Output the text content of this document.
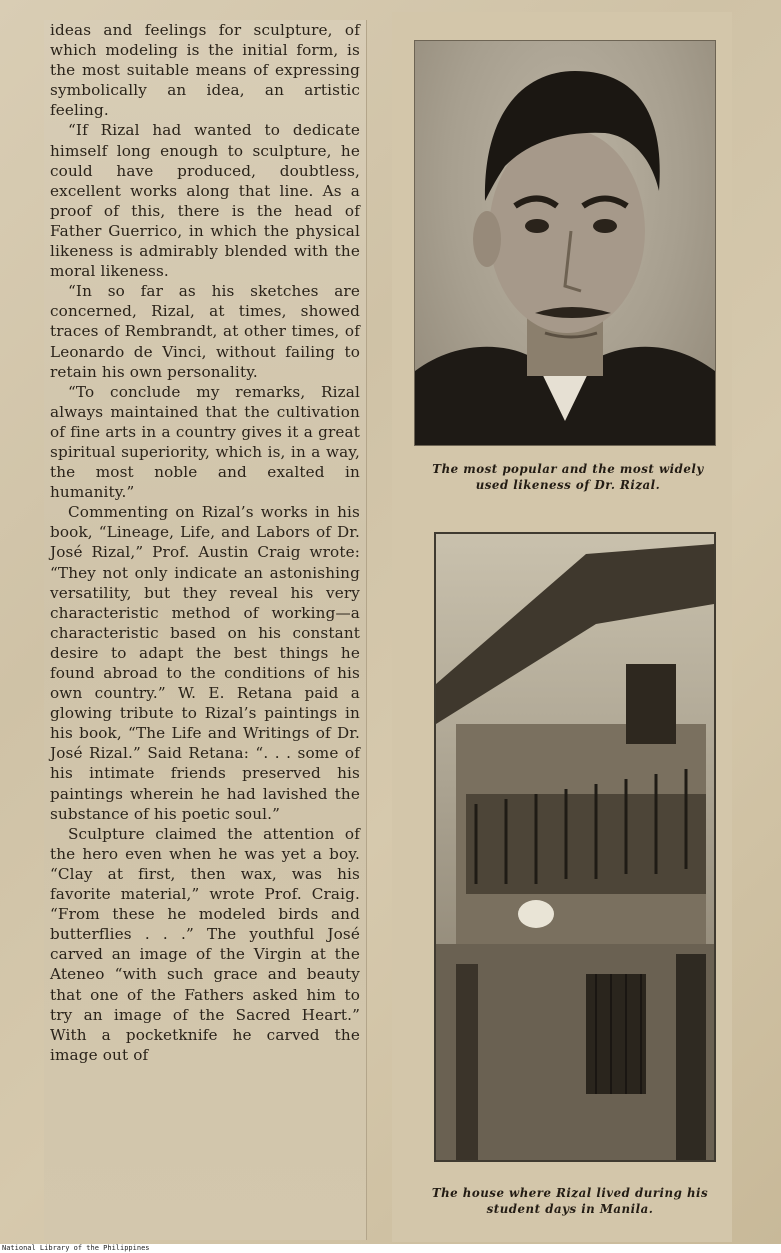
ideas and feelings for sculpture, of which modeling is the initial form, is the most suitable means of expressing symbolically an idea, an artistic feeling.

“If Rizal had wanted to dedicate himself long enough to sculpture, he could have produced, doubtless, excellent works along that line. As a proof of this, there is the head of Father Guerrico, in which the physical likeness is admirably blended with the moral likeness.

“In so far as his sketches are concerned, Rizal, at times, showed traces of Rembrandt, at other times, of Leonardo de Vinci, without failing to retain his own personality.

“To conclude my remarks, Rizal always maintained that the cultivation of fine arts in a country gives it a great spiritual superiority, which is, in a way, the most noble and exalted in humanity.”

Commenting on Rizal’s works in his book, “Lineage, Life, and Labors of Dr. José Rizal,” Prof. Austin Craig wrote: “They not only indicate an astonishing versatility, but they reveal his very characteristic method of working—a characteristic based on his constant desire to adapt the best things he found abroad to the conditions of his own country.” W. E. Retana paid a glowing tribute to Rizal’s paintings in his book, “The Life and Writings of Dr. José Rizal.” Said Retana: “. . . some of his intimate friends preserved his paintings wherein he had lavished the substance of his poetic soul.”

Sculpture claimed the attention of the hero even when he was yet a boy. “Clay at first, then wax, was his favorite material,” wrote Prof. Craig. “From these he modeled birds and butterflies . . .” The youthful José carved an image of the Virgin at the Ateneo “with such grace and beauty that one of the Fathers asked him to try an image of the Sacred Heart.” With a pocketknife he carved the image out of

The most popular and the most widely used likeness of Dr. Rizal.
The house where Rizal lived during his student days in Manila.
National Library of the Philippines
